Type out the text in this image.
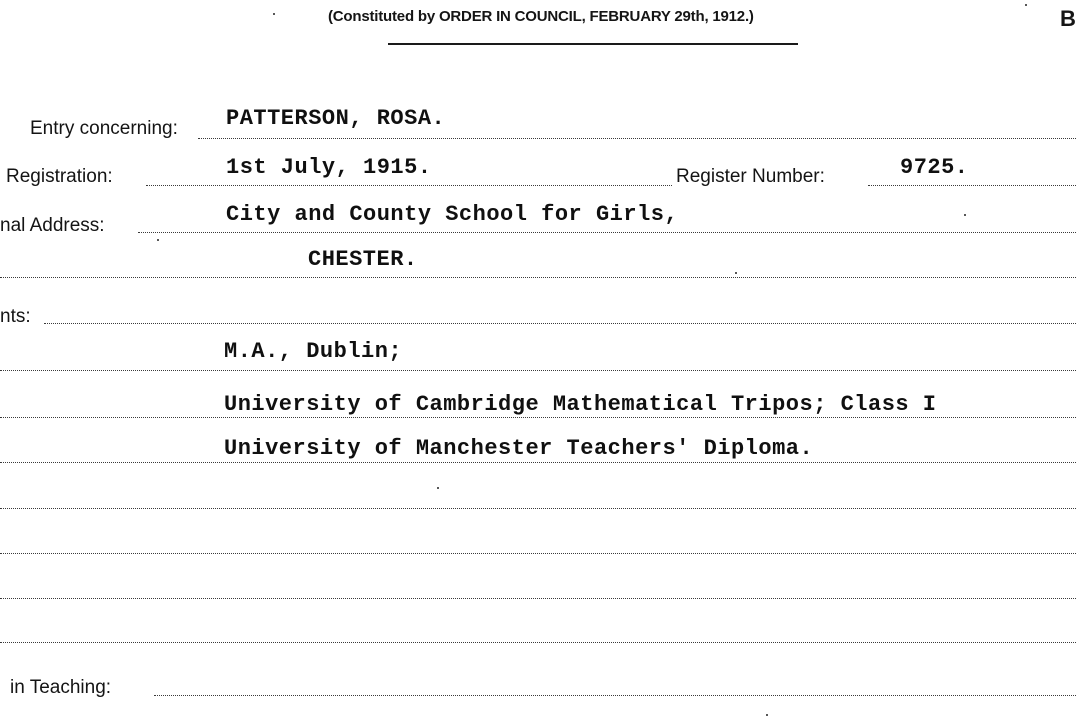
(Constituted by ORDER IN COUNCIL, FEBRUARY 29th, 1912.)	B
Entry concerning: PATTERSON, ROSA.
Registration:	1st July, 1915.	Register Number:	9725.
nal Address:	City and County School for Girls,
CHESTER.
nts:
M.A., Dublin;
University of Cambridge Mathematical Tripos; Class I
University of Manchester Teachers' Diploma.
in Teaching:
